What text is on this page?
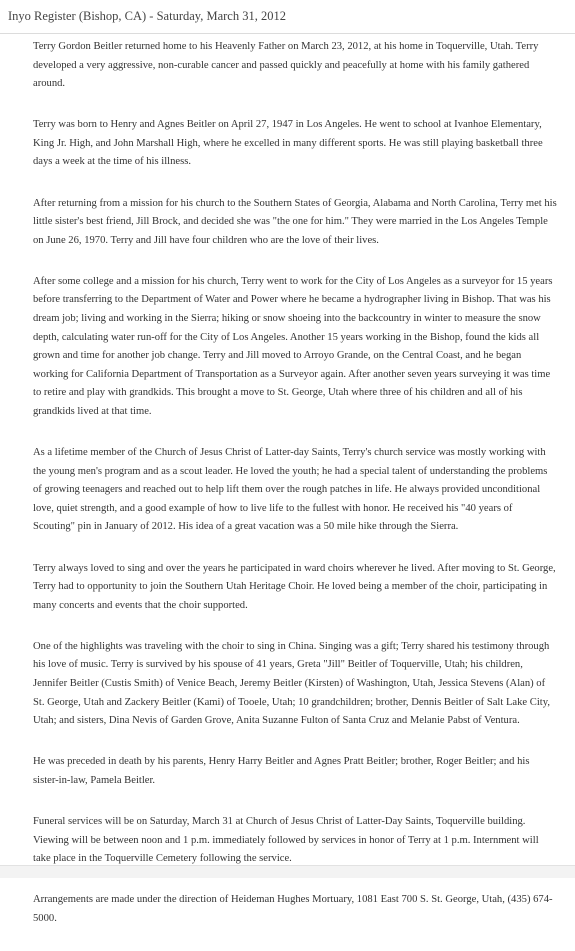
Inyo Register (Bishop, CA) - Saturday, March 31, 2012

Terry Gordon Beitler returned home to his Heavenly Father on March 23, 2012, at his home in Toquerville, Utah. Terry developed a very aggressive, non-curable cancer and passed quickly and peacefully at home with his family gathered around.

Terry was born to Henry and Agnes Beitler on April 27, 1947 in Los Angeles. He went to school at Ivanhoe Elementary, King Jr. High, and John Marshall High, where he excelled in many different sports. He was still playing basketball three days a week at the time of his illness.

After returning from a mission for his church to the Southern States of Georgia, Alabama and North Carolina, Terry met his little sister's best friend, Jill Brock, and decided she was "the one for him." They were married in the Los Angeles Temple on June 26, 1970. Terry and Jill have four children who are the love of their lives.

After some college and a mission for his church, Terry went to work for the City of Los Angeles as a surveyor for 15 years before transferring to the Department of Water and Power where he became a hydrographer living in Bishop. That was his dream job; living and working in the Sierra; hiking or snow shoeing into the backcountry in winter to measure the snow depth, calculating water run-off for the City of Los Angeles. Another 15 years working in the Bishop, found the kids all grown and time for another job change. Terry and Jill moved to Arroyo Grande, on the Central Coast, and he began working for California Department of Transportation as a Surveyor again. After another seven years surveying it was time to retire and play with grandkids. This brought a move to St. George, Utah where three of his children and all of his grandkids lived at that time.

As a lifetime member of the Church of Jesus Christ of Latter-day Saints, Terry's church service was mostly working with the young men's program and as a scout leader. He loved the youth; he had a special talent of understanding the problems of growing teenagers and reached out to help lift them over the rough patches in life. He always provided unconditional love, quiet strength, and a good example of how to live life to the fullest with honor. He received his "40 years of Scouting" pin in January of 2012. His idea of a great vacation was a 50 mile hike through the Sierra.

Terry always loved to sing and over the years he participated in ward choirs wherever he lived. After moving to St. George, Terry had to opportunity to join the Southern Utah Heritage Choir. He loved being a member of the choir, participating in many concerts and events that the choir supported.

One of the highlights was traveling with the choir to sing in China. Singing was a gift; Terry shared his testimony through his love of music. Terry is survived by his spouse of 41 years, Greta "Jill" Beitler of Toquerville, Utah; his children, Jennifer Beitler (Custis Smith) of Venice Beach, Jeremy Beitler (Kirsten) of Washington, Utah, Jessica Stevens (Alan) of St. George, Utah and Zackery Beitler (Kami) of Tooele, Utah; 10 grandchildren; brother, Dennis Beitler of Salt Lake City, Utah; and sisters, Dina Nevis of Garden Grove, Anita Suzanne Fulton of Santa Cruz and Melanie Pabst of Ventura.

He was preceded in death by his parents, Henry Harry Beitler and Agnes Pratt Beitler; brother, Roger Beitler; and his sister-in-law, Pamela Beitler.

Funeral services will be on Saturday, March 31 at Church of Jesus Christ of Latter-Day Saints, Toquerville building. Viewing will be between noon and 1 p.m. immediately followed by services in honor of Terry at 1 p.m. Internment will take place in the Toquerville Cemetery following the service.

Arrangements are made under the direction of Heideman Hughes Mortuary, 1081 East 700 S. St. George, Utah, (435) 674-5000.
